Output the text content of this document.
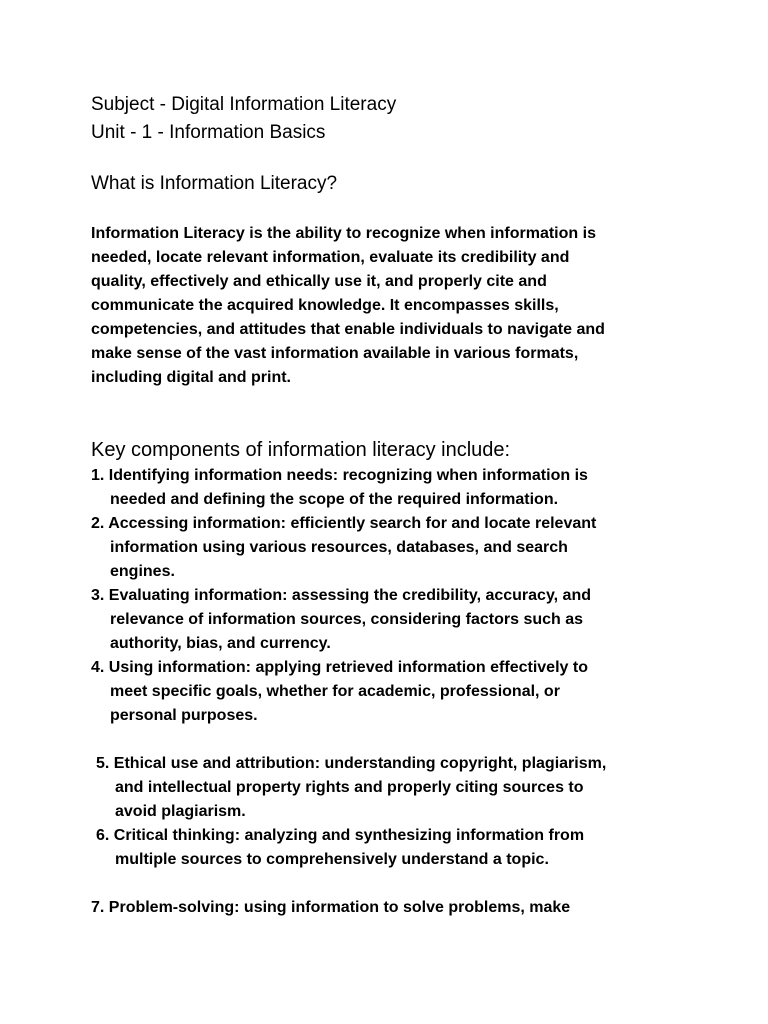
Subject - Digital Information Literacy
Unit - 1 - Information Basics
What is Information Literacy?

Information Literacy is the ability to recognize when information is
needed, locate relevant information, evaluate its credibility and
quality, effectively and ethically use it, and properly cite and
communicate the acquired knowledge. It encompasses skills,
competencies, and attitudes that enable individuals to navigate and
make sense of the vast information available in various formats,
including digital and print.

Key components of information literacy include:
1. Identifying information needs: recognizing when information is
needed and defining the scope of the required information.
2. Accessing information: efficiently search for and locate relevant
information using various resources, databases, and search
engines.
3. Evaluating information: assessing the credibility, accuracy, and
relevance of information sources, considering factors such as
authority, bias, and currency.
4. Using information: applying retrieved information effectively to
meet specific goals, whether for academic, professional, or
personal purposes.
5. Ethical use and attribution: understanding copyright, plagiarism,
and intellectual property rights and properly citing sources to
avoid plagiarism.
6. Critical thinking: analyzing and synthesizing information from
multiple sources to comprehensively understand a topic.
7. Problem-solving: using information to solve problems, make
